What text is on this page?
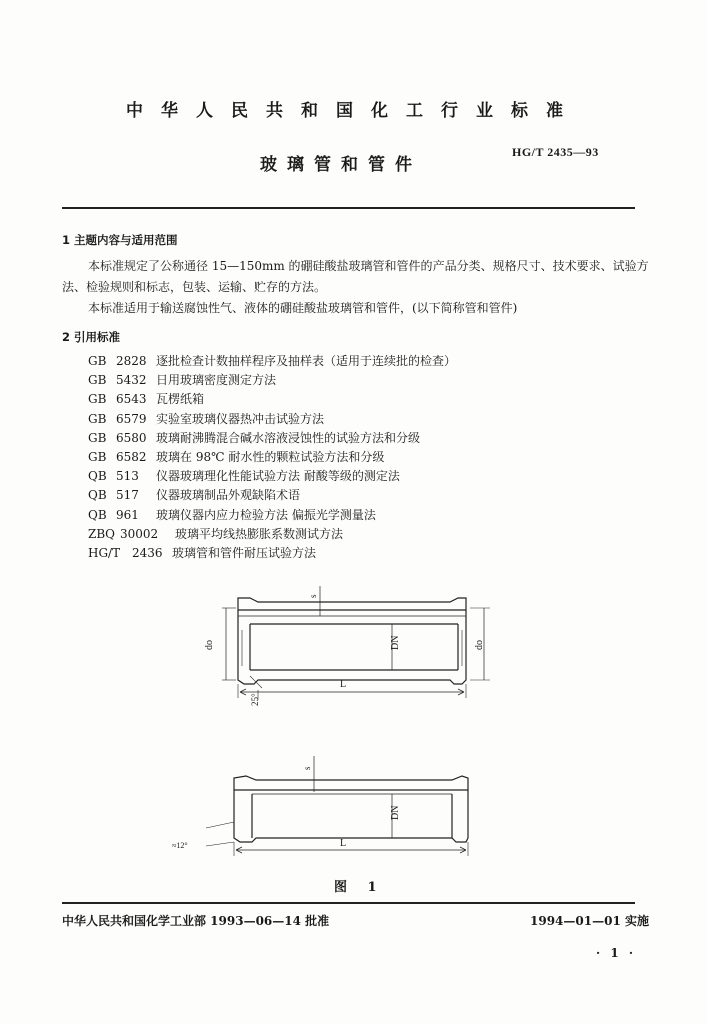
中华人民共和国化工行业标准
玻璃管和管件
HG/T 2435—93
1 主题内容与适用范围
本标准规定了公称通径 15—150mm 的硼硅酸盐玻璃管和管件的产品分类、规格尺寸、技术要求、试验方法、检验规则和标志，包装、运输、贮存的方法。
本标准适用于输送腐蚀性气、液体的硼硅酸盐玻璃管和管件，(以下简称管和管件)
2 引用标准
GB 2828 逐批检查计数抽样程序及抽样表（适用于连续批的检查）
GB 5432 日用玻璃密度测定方法
GB 6543 瓦楞纸箱
GB 6579 实验室玻璃仪器热冲击试验方法
GB 6580 玻璃耐沸腾混合碱水溶液浸蚀性的试验方法和分级
GB 6582 玻璃在 98℃ 耐水性的颗粒试验方法和分级
QB 513	仪器玻璃理化性能试验方法 耐酸等级的测定法
QB 517	仪器玻璃制品外观缺陷术语
QB 961	玻璃仪器内应力检验方法 偏振光学测量法
ZBQ 30002	玻璃平均线热膨胀系数测试方法
HG/T 2436 玻璃管和管件耐压试验方法
s
do	do
DN
L
25°
s
DN
L
≈12°
图 1
中华人民共和国化学工业部 1993—06—14 批准	1994—01—01 实施
· 1 ·
